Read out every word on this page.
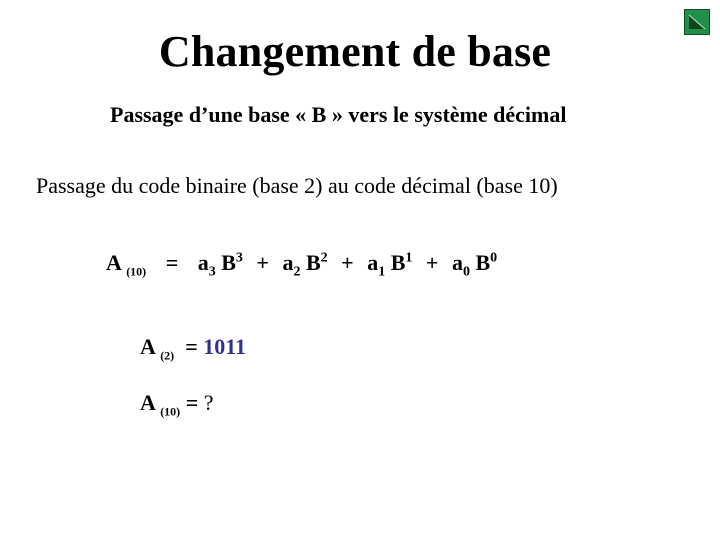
Changement de base
Passage d’une base « B » vers le système décimal
Passage du code binaire (base 2) au code décimal (base 10)
A $_{(10)} = a_3$ $B^3 + a_2$ $B^2 + a_1$ $B^1 + a_0$ $B^0$
A $_{(2)}$ = 1011
A $_{(10)}$ = ?
